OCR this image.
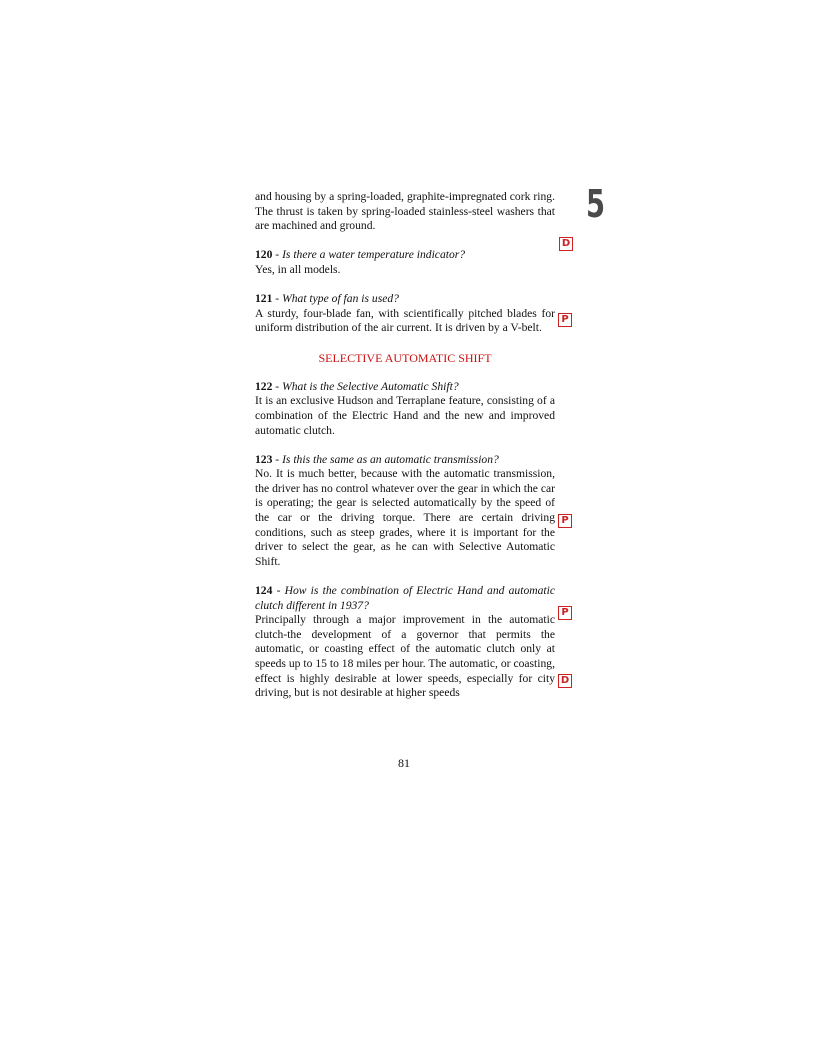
5
D
P
P
P
D

and housing by a spring-loaded, graphite-impregnated cork ring. The thrust is taken by spring-loaded stainless-steel washers that are machined and ground.

120 - Is there a water temperature indicator?

Yes, in all models.

121 - What type of fan is used?

A sturdy, four-blade fan, with scientifically pitched blades for uniform distribution of the air current. It is driven by a V-belt.

SELECTIVE AUTOMATIC SHIFT

122 - What is the Selective Automatic Shift?

It is an exclusive Hudson and Terraplane feature, consisting of a combination of the Electric Hand and the new and improved automatic clutch.

123 - Is this the same as an automatic transmission?

No. It is much better, because with the automatic transmission, the driver has no control whatever over the gear in which the car is operating; the gear is selected automatically by the speed of the car or the driving torque. There are certain driving conditions, such as steep grades, where it is important for the driver to select the gear, as he can with Selective Automatic Shift.

124 - How is the combination of Electric Hand and automatic clutch different in 1937?

Principally through a major improvement in the automatic clutch-the development of a governor that permits the automatic, or coasting effect of the automatic clutch only at speeds up to 15 to 18 miles per hour. The automatic, or coasting, effect is highly desirable at lower speeds, especially for city driving, but is not desirable at higher speeds

81
